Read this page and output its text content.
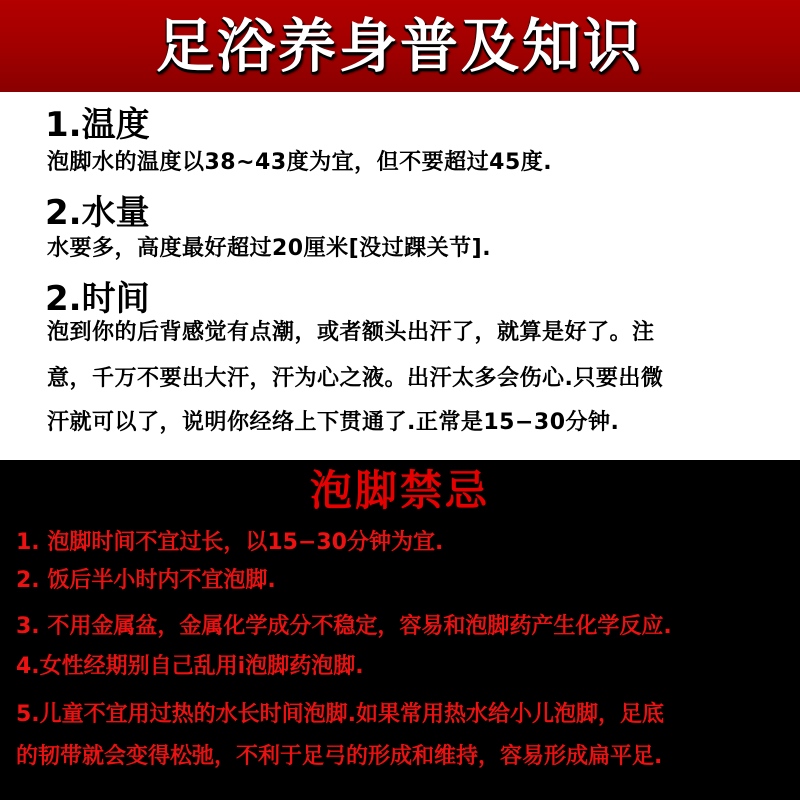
足浴养身普及知识
1.温度
泡脚水的温度以38~43度为宜，但不要超过45度.
2.水量
水要多，高度最好超过20厘米[没过踝关节].
2.时间
泡到你的后背感觉有点潮，或者额头出汗了，就算是好了。注
意，千万不要出大汗，汗为心之液。出汗太多会伤心.只要出微
汗就可以了，说明你经络上下贯通了.正常是15−30分钟.
泡脚禁忌
1. 泡脚时间不宜过长，以15−30分钟为宜.
2. 饭后半小时内不宜泡脚.
3. 不用金属盆，金属化学成分不稳定，容易和泡脚药产生化学反应.
4.女性经期别自己乱用i泡脚药泡脚.
5.儿童不宜用过热的水长时间泡脚.如果常用热水给小儿泡脚，足底
的韧带就会变得松弛，不利于足弓的形成和维持，容易形成扁平足.
